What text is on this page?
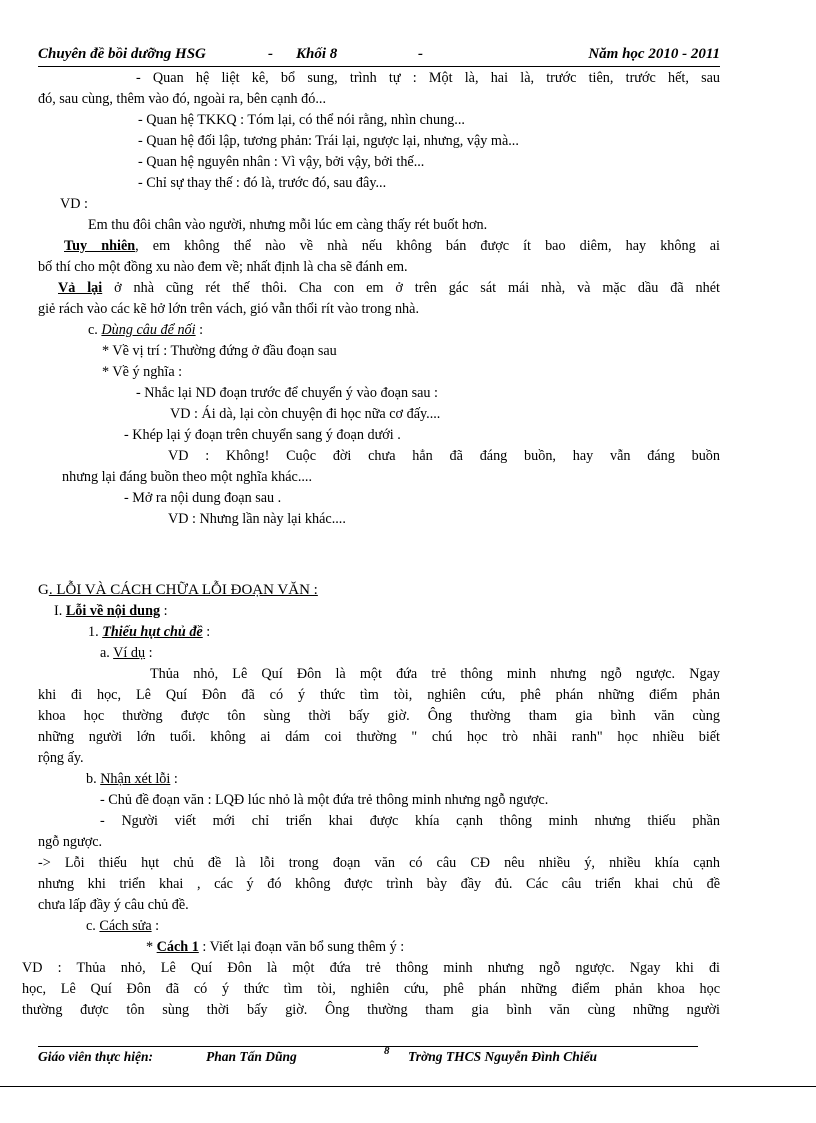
Chuyên đề bồi dưỡng HSG	- Khối 8	-	Năm học 2010 - 2011
- Quan hệ liệt kê, bổ sung, trình tự : Một là, hai là, trước tiên, trước hết, sau
đó, sau cùng, thêm vào đó, ngoài ra, bên cạnh đó...
- Quan hệ TKKQ : Tóm lại, có thể nói rằng, nhìn chung...
- Quan hệ đối lập, tương phản: Trái lại, ngược lại, nhưng, vậy mà...
- Quan hệ nguyên nhân : Vì vậy, bởi vậy, bởi thế...
- Chỉ sự thay thế : đó là, trước đó, sau đây...
VD :
Em thu đôi chân vào người, nhưng mỗi lúc em càng thấy rét buốt hơn.
Tuy nhiên, em không thể nào về nhà nếu không bán được ít bao diêm, hay không ai
bố thí cho một đồng xu nào đem về; nhất định là cha sẽ đánh em.
Vả lại ở nhà cũng rét thế thôi. Cha con em ở trên gác sát mái nhà, và mặc dầu đã nhét
giẻ rách vào các kẽ hở lớn trên vách, gió vẫn thổi rít vào trong nhà.
c. Dùng câu để nối :
* Về vị trí : Thường đứng ở đầu đoạn sau
* Về ý nghĩa :
- Nhắc lại ND đoạn trước để chuyển ý vào đoạn sau :
VD : Ái dà, lại còn chuyện đi học nữa cơ đấy....
- Khép lại ý đoạn trên chuyển sang ý đoạn dưới .
VD : Không! Cuộc đời chưa hẳn đã đáng buồn, hay vẫn đáng buồn
nhưng lại đáng buồn theo một nghĩa khác....
- Mở ra nội dung đoạn sau .
VD : Nhưng lần này lại khác....
G. LỖI VÀ CÁCH CHỮA LỖI ĐOẠN VĂN :
I. Lỗi về nội dung :
1. Thiếu hụt chủ đề :
a. Ví dụ :
Thủa nhỏ, Lê Quí Đôn là một đứa trẻ thông minh nhưng ngỗ ngược. Ngay
khi đi học, Lê Quí Đôn đã có ý thức tìm tòi, nghiên cứu, phê phán những điểm phản
khoa học thường được tôn sùng thời bấy giờ. Ông thường tham gia bình văn cùng
những người lớn tuổi. không ai dám coi thường " chú học trò nhãi ranh" học nhiều biết
rộng ấy.
b. Nhận xét lỗi :
- Chủ đề đoạn văn : LQĐ lúc nhỏ là một đứa trẻ thông minh nhưng ngỗ ngược.
- Người viết mới chỉ triển khai được khía cạnh thông minh nhưng thiếu phần
ngỗ ngược.
-> Lỗi thiếu hụt chủ đề là lỗi trong đoạn văn có câu CĐ nêu nhiều ý, nhiều khía cạnh
nhưng khi triển khai , các ý đó không được trình bày đầy đủ. Các câu triển khai chủ đề
chưa lấp đầy ý câu chủ đề.
c. Cách sửa :
* Cách 1 : Viết lại đoạn văn bổ sung thêm ý :
VD : Thủa nhỏ, Lê Quí Đôn là một đứa trẻ thông minh nhưng ngỗ ngược. Ngay khi đi
học, Lê Quí Đôn đã có ý thức tìm tòi, nghiên cứu, phê phán những điểm phản khoa học
thường được tôn sùng thời bấy giờ. Ông thường tham gia bình văn cùng những người
Giáo viên thực hiện:	Phan Tấn Dũng	8 Trờng THCS Nguyễn Đình Chiểu
